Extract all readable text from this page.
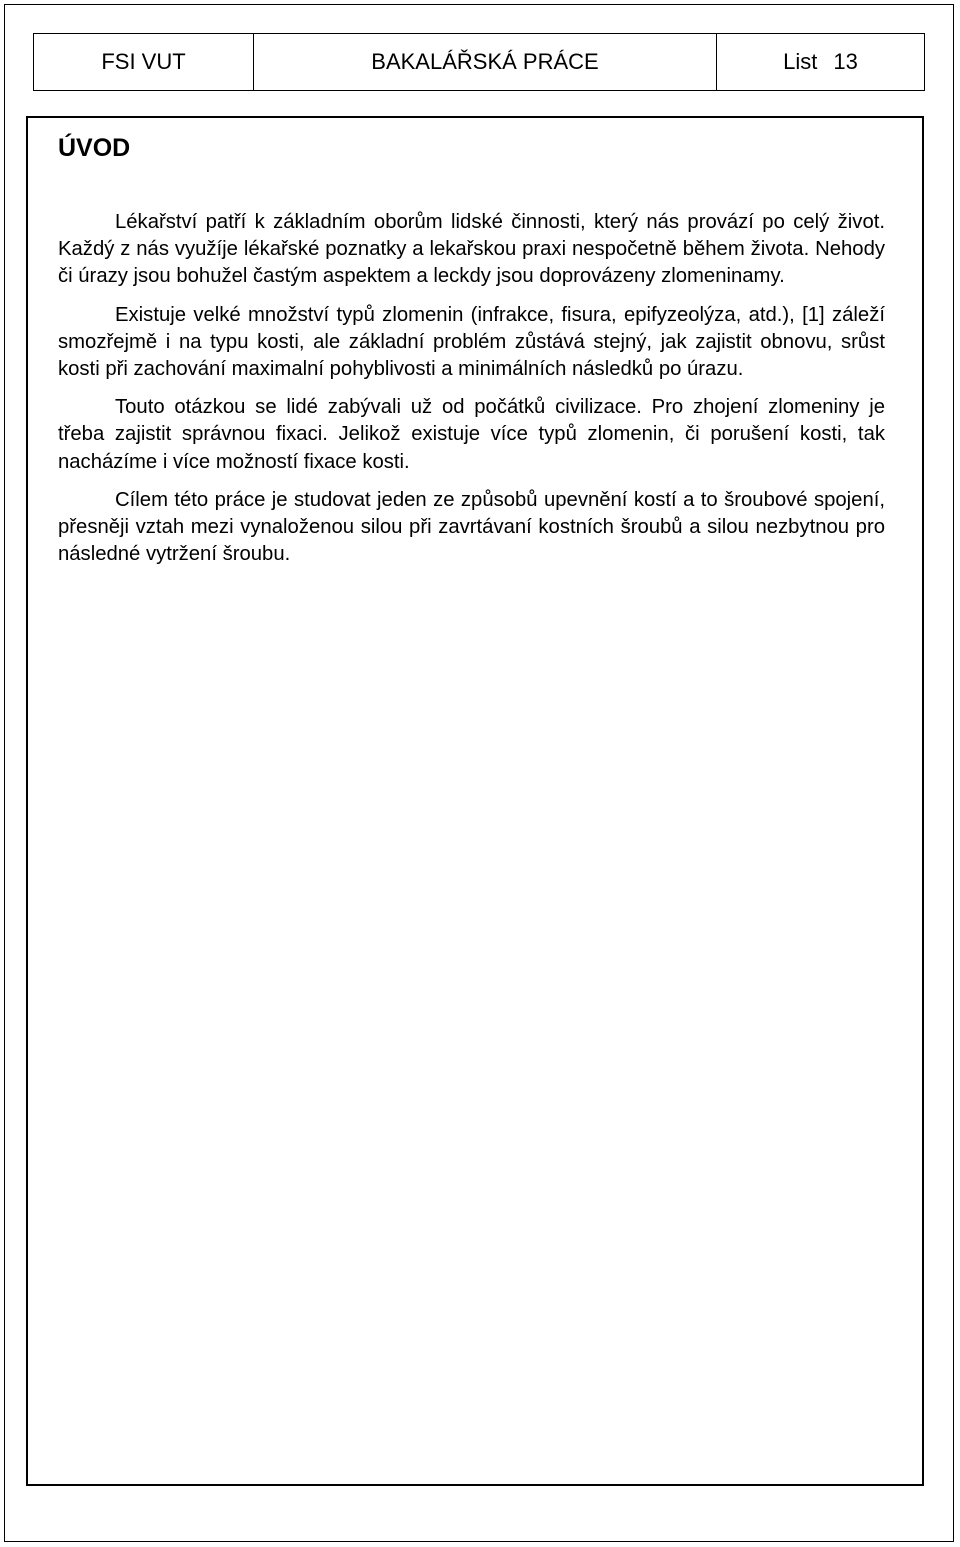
FSI VUT	BAKALÁŘSKÁ PRÁCE	List 13
ÚVOD

Lékařství patří k základním oborům lidské činnosti, který nás provází po celý život. Každý z nás využíje lékařské poznatky a lekařskou praxi nespočetně během života. Nehody či úrazy jsou bohužel častým aspektem a leckdy jsou doprovázeny zlomeninamy.

Existuje velké množství typů zlomenin (infrakce, fisura, epifyzeolýza, atd.), [1] záleží smozřejmě i na typu kosti, ale základní problém zůstává stejný, jak zajistit obnovu, srůst kosti při zachování maximalní pohyblivosti a minimálních následků po úrazu.

Touto otázkou se lidé zabývali už od počátků civilizace. Pro zhojení zlomeniny je třeba zajistit správnou fixaci. Jelikož existuje více typů zlomenin, či porušení kosti, tak nacházíme i více možností fixace kosti.

Cílem této práce je studovat jeden ze způsobů upevnění kostí a to šroubové spojení, přesněji vztah mezi vynaloženou silou při zavrtávaní kostních šroubů a silou nezbytnou pro následné vytržení šroubu.
